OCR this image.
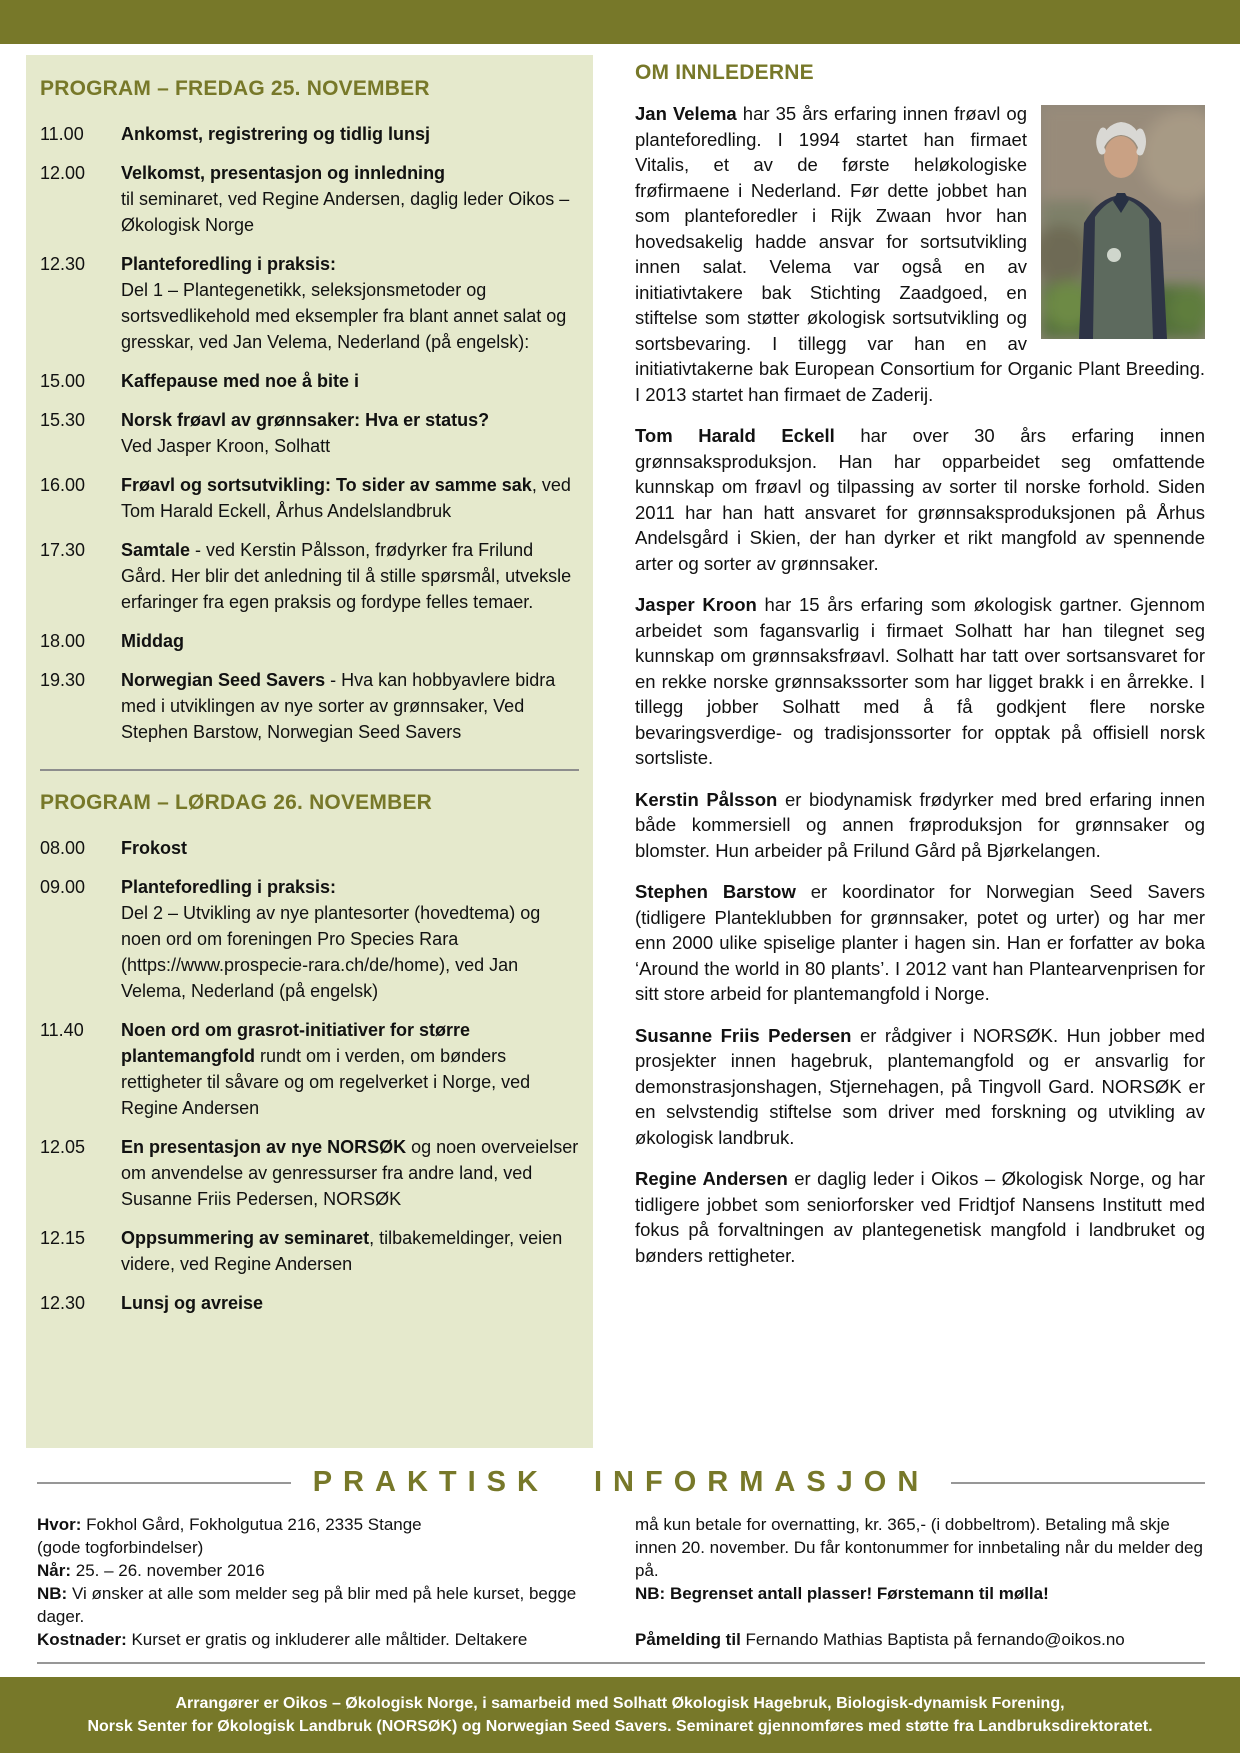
PROGRAM – FREDAG 25. NOVEMBER
11.00	Ankomst, registrering og tidlig lunsj
12.00	Velkomst, presentasjon og innledning
til seminaret, ved Regine Andersen, daglig leder Oikos – Økologisk Norge
12.30	Planteforedling i praksis:
Del 1 – Plantegenetikk, seleksjonsmetoder og sortsvedlikehold med eksempler fra blant annet salat og gresskar, ved Jan Velema, Nederland (på engelsk):
15.00	Kaffepause med noe å bite i
15.30	Norsk frøavl av grønnsaker: Hva er status?
Ved Jasper Kroon, Solhatt
16.00	Frøavl og sortsutvikling: To sider av samme sak, ved Tom Harald Eckell, Århus Andelslandbruk
17.30	Samtale - ved Kerstin Pålsson, frødyrker fra Frilund Gård. Her blir det anledning til å stille spørsmål, utveksle erfaringer fra egen praksis og fordype felles temaer.
18.00	Middag
19.30	Norwegian Seed Savers - Hva kan hobbyavlere bidra med i utviklingen av nye sorter av grønnsaker, Ved Stephen Barstow, Norwegian Seed Savers
PROGRAM – LØRDAG 26. NOVEMBER
08.00	Frokost
09.00	Planteforedling i praksis:
Del 2 – Utvikling av nye plantesorter (hovedtema) og noen ord om foreningen Pro Species Rara (https://www.prospecie-rara.ch/de/home), ved Jan Velema, Nederland (på engelsk)
11.40	Noen ord om grasrot-initiativer for større plantemangfold rundt om i verden, om bønders rettigheter til såvare og om regelverket i Norge, ved Regine Andersen
12.05	En presentasjon av nye NORSØK og noen overveielser om anvendelse av genressurser fra andre land, ved Susanne Friis Pedersen, NORSØK
12.15	Oppsummering av seminaret, tilbakemeldinger, veien videre, ved Regine Andersen
12.30	Lunsj og avreise
OM INNLEDERNE

Jan Velema har 35 års erfaring innen frøavl og planteforedling. I 1994 startet han firmaet Vitalis, et av de første heløkologiske frøfirmaene i Nederland. Før dette jobbet han som planteforedler i Rijk Zwaan hvor han hovedsakelig hadde ansvar for sortsutvikling innen salat. Velema var også en av initiativtakere bak Stichting Zaadgoed, en stiftelse som støtter økologisk sortsutvikling og sortsbevaring. I tillegg var han en av initiativtakerne bak European Consortium for Organic Plant Breeding. I 2013 startet han firmaet de Zaderij.

Tom Harald Eckell har over 30 års erfaring innen grønnsaksproduksjon. Han har opparbeidet seg omfattende kunnskap om frøavl og tilpassing av sorter til norske forhold. Siden 2011 har han hatt ansvaret for grønnsaksproduksjonen på Århus Andelsgård i Skien, der han dyrker et rikt mangfold av spennende arter og sorter av grønnsaker.

Jasper Kroon har 15 års erfaring som økologisk gartner. Gjennom arbeidet som fagansvarlig i firmaet Solhatt har han tilegnet seg kunnskap om grønnsaksfrøavl. Solhatt har tatt over sortsansvaret for en rekke norske grønnsakssorter som har ligget brakk i en årrekke. I tillegg jobber Solhatt med å få godkjent flere norske bevaringsverdige- og tradisjonssorter for opptak på offisiell norsk sortsliste.

Kerstin Pålsson er biodynamisk frødyrker med bred erfaring innen både kommersiell og annen frøproduksjon for grønnsaker og blomster. Hun arbeider på Frilund Gård på Bjørkelangen.

Stephen Barstow er koordinator for Norwegian Seed Savers (tidligere Planteklubben for grønnsaker, potet og urter) og har mer enn 2000 ulike spiselige planter i hagen sin. Han er forfatter av boka ‘Around the world in 80 plants’. I 2012 vant han Plantearvenprisen for sitt store arbeid for plantemangfold i Norge.

Susanne Friis Pedersen er rådgiver i NORSØK. Hun jobber med prosjekter innen hagebruk, plantemangfold og er ansvarlig for demonstrasjonshagen, Stjernehagen, på Tingvoll Gard. NORSØK er en selvstendig stiftelse som driver med forskning og utvikling av økologisk landbruk.

Regine Andersen er daglig leder i Oikos – Økologisk Norge, og har tidligere jobbet som seniorforsker ved Fridtjof Nansens Institutt med fokus på forvaltningen av plantegenetisk mangfold i landbruket og bønders rettigheter.

PRAKTISK INFORMASJON

Hvor: Fokhol Gård, Fokholgutua 216, 2335 Stange
(gode togforbindelser)

Når: 25. – 26. november 2016

NB: Vi ønsker at alle som melder seg på blir med på hele kurset, begge dager.

Kostnader: Kurset er gratis og inkluderer alle måltider. Deltakere

må kun betale for overnatting, kr. 365,- (i dobbeltrom). Betaling må skje innen 20. november. Du får kontonummer for innbetaling når du melder deg på.

NB: Begrenset antall plasser! Førstemann til mølla!

Påmelding til Fernando Mathias Baptista på fernando@oikos.no

Arrangører er Oikos – Økologisk Norge, i samarbeid med Solhatt Økologisk Hagebruk, Biologisk-dynamisk Forening,
Norsk Senter for Økologisk Landbruk (NORSØK) og Norwegian Seed Savers. Seminaret gjennomføres med støtte fra Landbruksdirektoratet.
